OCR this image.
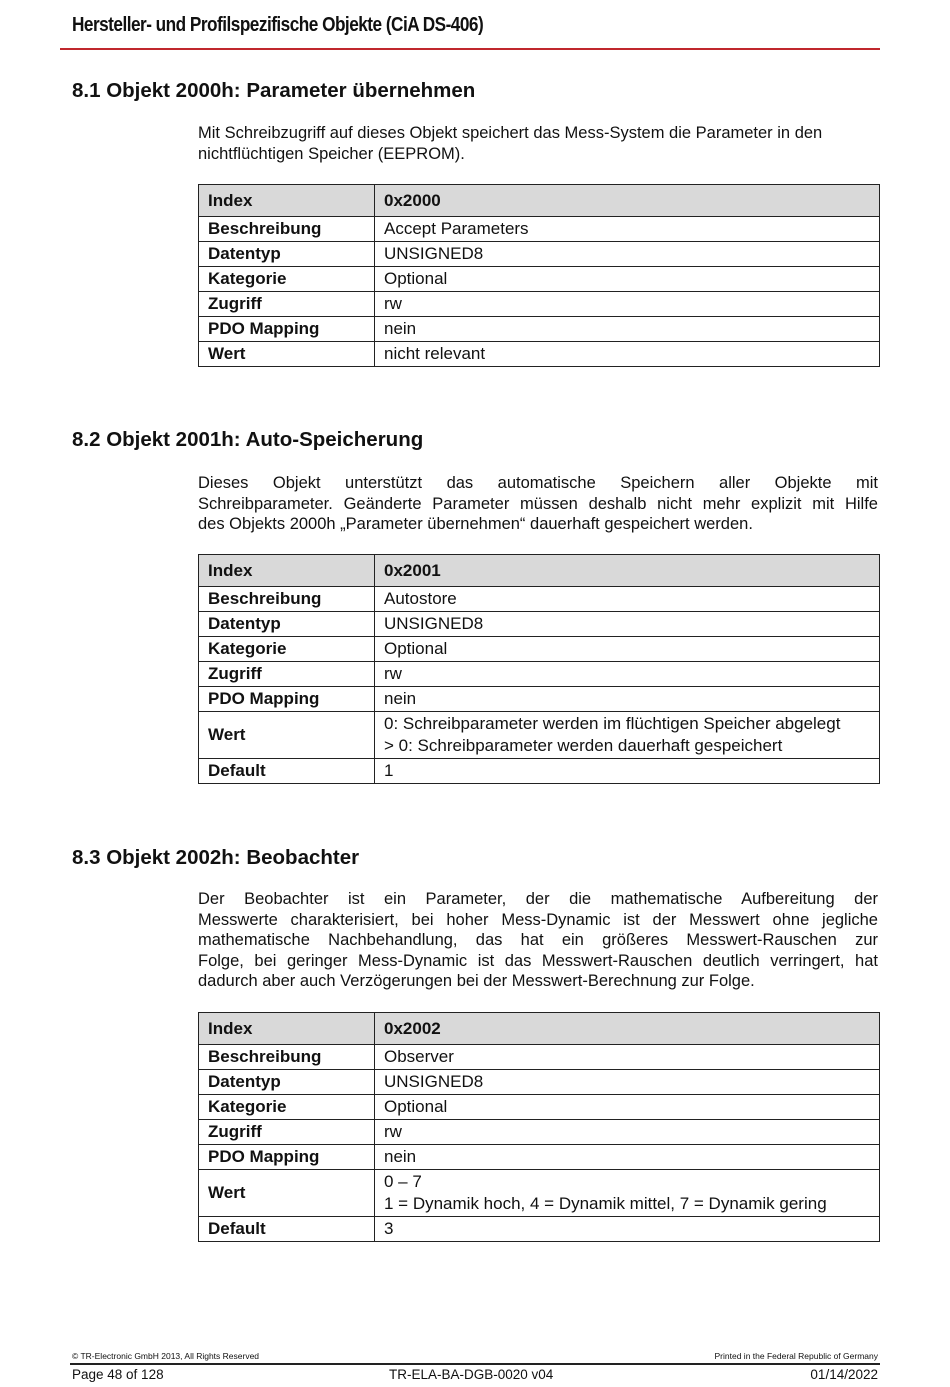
Hersteller- und Profilspezifische Objekte (CiA DS-406)
8.1 Objekt 2000h: Parameter übernehmen
Mit Schreibzugriff auf dieses Objekt speichert das Mess-System die Parameter in den
nichtflüchtigen Speicher (EEPROM).
Index	0x2000
Beschreibung	Accept Parameters
Datentyp	UNSIGNED8
Kategorie	Optional
Zugriff	rw
PDO Mapping	nein
Wert	nicht relevant
8.2 Objekt 2001h: Auto-Speicherung
Dieses Objekt unterstützt das automatische Speichern aller Objekte mit
Schreibparameter. Geänderte Parameter müssen deshalb nicht mehr explizit mit Hilfe
des Objekts 2000h „Parameter übernehmen“ dauerhaft gespeichert werden.
Index	0x2001
Beschreibung	Autostore
Datentyp	UNSIGNED8
Kategorie	Optional
Zugriff	rw
PDO Mapping	nein
Wert	0: Schreibparameter werden im flüchtigen Speicher abgelegt
> 0: Schreibparameter werden dauerhaft gespeichert

Default	1
8.3 Objekt 2002h: Beobachter
Der Beobachter ist ein Parameter, der die mathematische Aufbereitung der
Messwerte charakterisiert, bei hoher Mess-Dynamic ist der Messwert ohne jegliche
mathematische Nachbehandlung, das hat ein größeres Messwert-Rauschen zur
Folge, bei geringer Mess-Dynamic ist das Messwert-Rauschen deutlich verringert, hat
dadurch aber auch Verzögerungen bei der Messwert-Berechnung zur Folge.
Index	0x2002
Beschreibung	Observer
Datentyp	UNSIGNED8
Kategorie	Optional
Zugriff	rw
PDO Mapping	nein
Wert	0 – 7
1 = Dynamik hoch, 4 = Dynamik mittel, 7 = Dynamik gering

Default	3
© TR-Electronic GmbH 2013, All Rights Reserved	Printed in the Federal Republic of Germany
Page 48 of 128	TR-ELA-BA-DGB-0020 v04	01/14/2022
